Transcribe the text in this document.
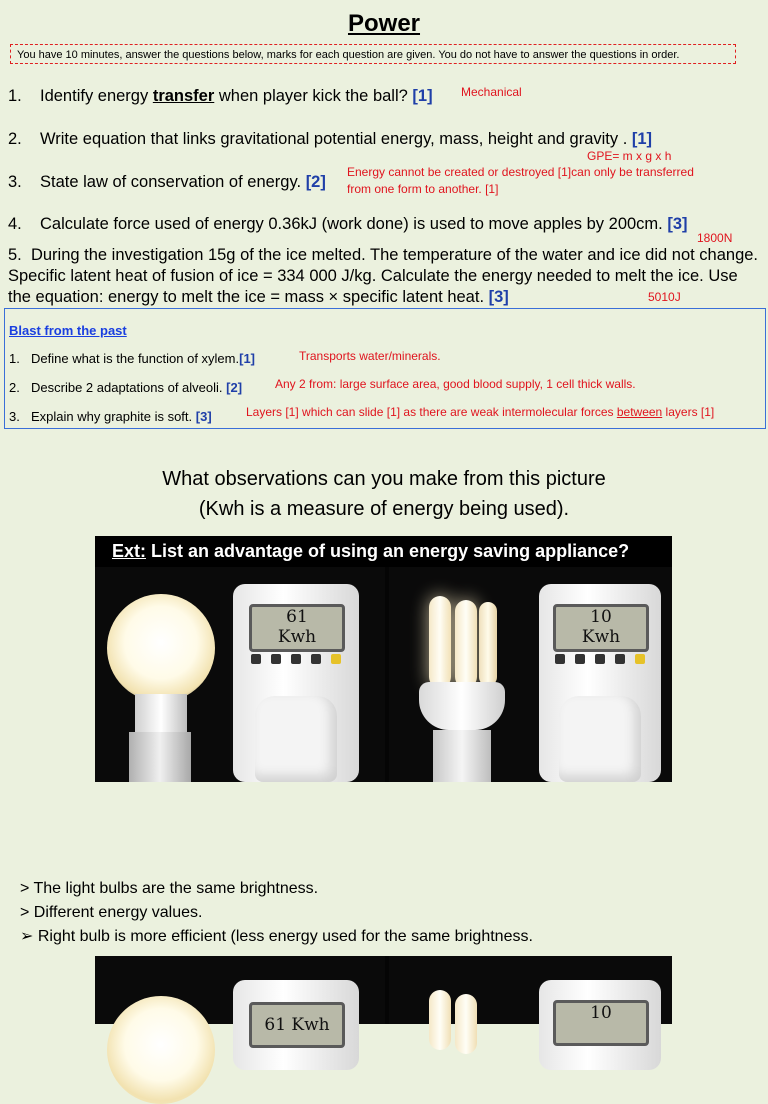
Power
You have 10 minutes, answer the questions below, marks for each question are given. You do not have to answer the questions in order.
1. Identify energy transfer when player kick the ball? [1] Mechanical
2. Write equation that links gravitational potential energy, mass, height and gravity . [1]
GPE= m x g x h
3. State law of conservation of energy. [2]
Energy cannot be created or destroyed [1]can only be transferred
from one form to another. [1]
4. Calculate force used of energy 0.36kJ (work done) is used to move apples by 200cm. [3]
1800N
5. During the investigation 15g of the ice melted. The temperature of the water and ice did not change. Specific latent heat of fusion of ice = 334 000 J/kg. Calculate the energy needed to melt the ice. Use the equation: energy to melt the ice = mass × specific latent heat. [3]	5010J
Blast from the past
1. Define what is the function of xylem.[1]	Transports water/minerals.
2. Describe 2 adaptations of alveoli. [2]	Any 2 from: large surface area, good blood supply, 1 cell thick walls.
3. Explain why graphite is soft. [3]	Layers [1] which can slide [1] as there are weak intermolecular forces between layers [1]
What observations can you make from this picture
(Kwh is a measure of energy being used).
61
Kwh
10
Kwh
Ext: List an advantage of using an energy saving appliance?
> The light bulbs are the same brightness.
> Different energy values.
➢ Right bulb is more efficient (less energy used for the same brightness.
61 Kwh
10
